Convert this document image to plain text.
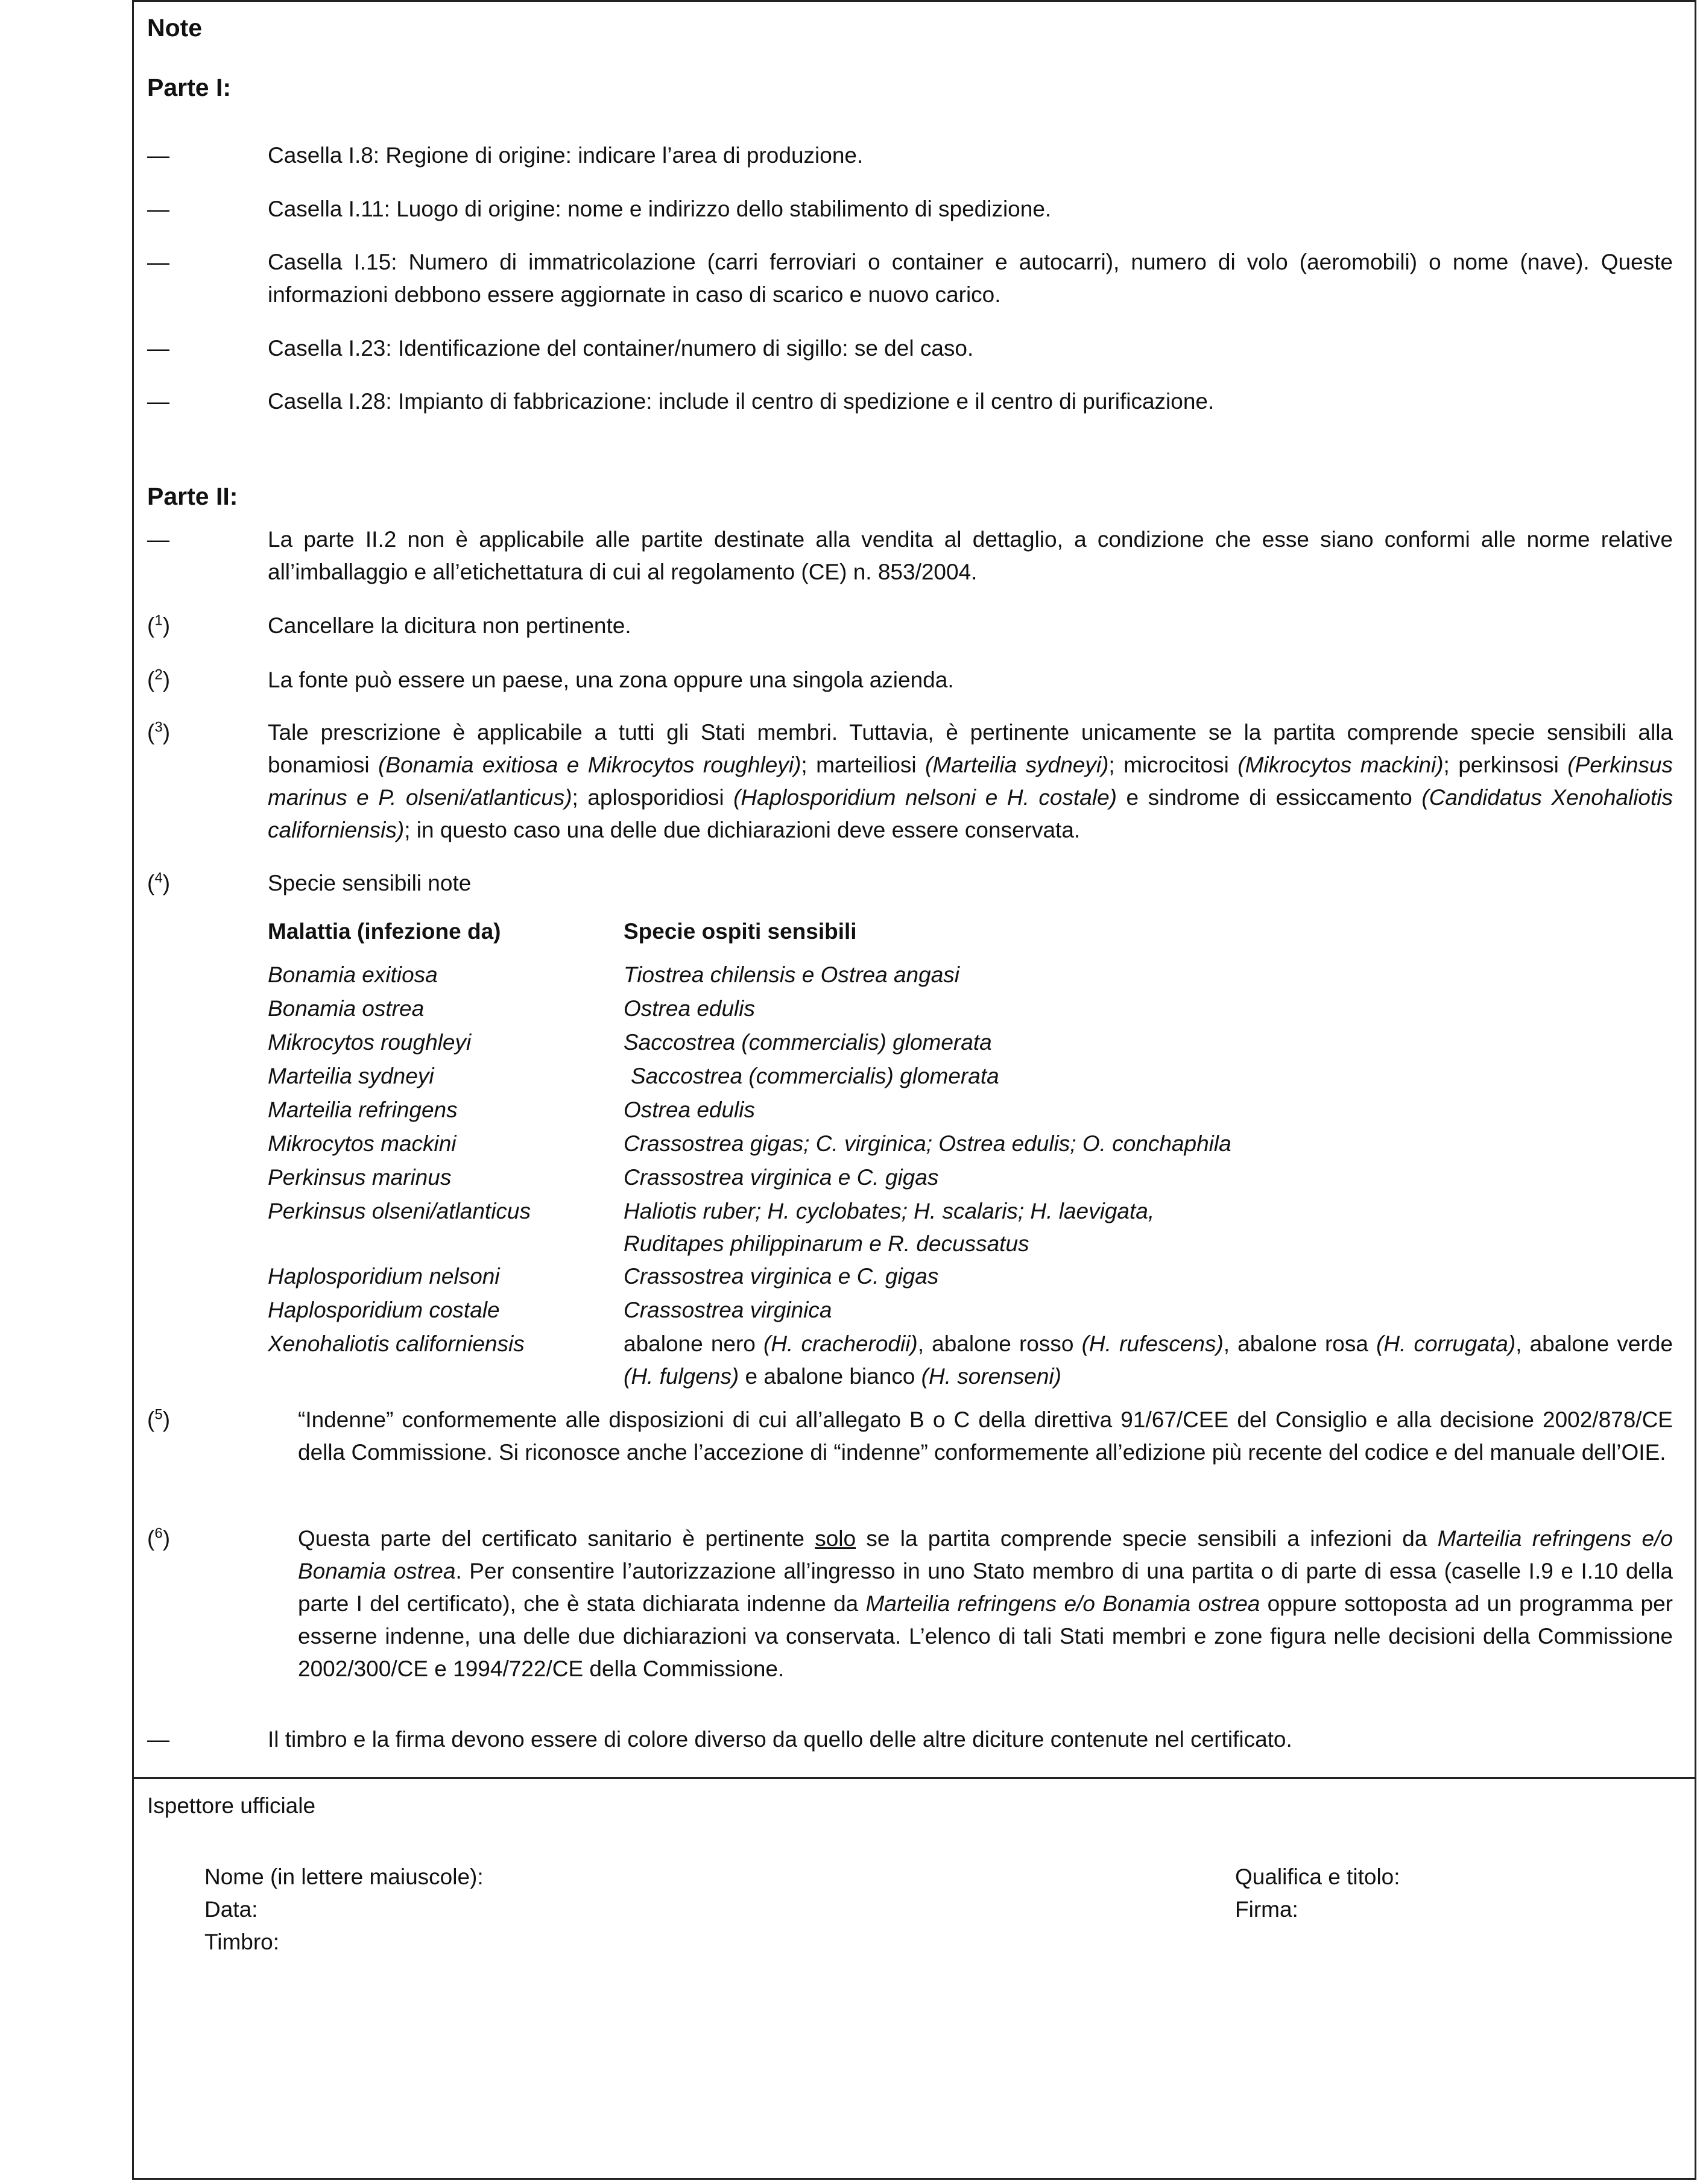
Note
Parte I:
—	Casella I.8: Regione di origine: indicare l’area di produzione.
—	Casella I.11: Luogo di origine: nome e indirizzo dello stabilimento di spedizione.
—	Casella I.15: Numero di immatricolazione (carri ferroviari o container e autocarri), numero di volo (aeromobili) o nome (nave). Queste informazioni debbono essere aggiornate in caso di scarico e nuovo carico.
—	Casella I.23: Identificazione del container/numero di sigillo: se del caso.
—	Casella I.28: Impianto di fabbricazione: include il centro di spedizione e il centro di purificazione.
Parte II:
—	La parte II.2 non è applicabile alle partite destinate alla vendita al dettaglio, a condizione che esse siano conformi alle norme relative all’imballaggio e all’etichettatura di cui al regolamento (CE) n. 853/2004.
($^1$)	Cancellare la dicitura non pertinente.
($^2$)	La fonte può essere un paese, una zona oppure una singola azienda.
($^3$)	Tale prescrizione è applicabile a tutti gli Stati membri. Tuttavia, è pertinente unicamente se la partita comprende specie sensibili alla bonamiosi (Bonamia exitiosa e Mikrocytos roughleyi); marteiliosi (Marteilia sydneyi); microcitosi (Mikrocytos mackini); perkinsosi (Perkinsus marinus e P. olseni/atlanticus); aplosporidiosi (Haplosporidium nelsoni e H. costale) e sindrome di essiccamento (Candidatus Xenohaliotis californiensis); in questo caso una delle due dichiarazioni deve essere conservata.
($^4$)	Specie sensibili note
Malattia (infezione da)	Specie ospiti sensibili
Bonamia exitiosa	Tiostrea chilensis e Ostrea angasi
Bonamia ostrea	Ostrea edulis
Mikrocytos roughleyi	Saccostrea (commercialis) glomerata
Marteilia sydneyi	Saccostrea (commercialis) glomerata
Marteilia refringens	Ostrea edulis
Mikrocytos mackini	Crassostrea gigas; C. virginica; Ostrea edulis; O. conchaphila
Perkinsus marinus	Crassostrea virginica e C. gigas
Perkinsus olseni/atlanticus	Haliotis ruber; H. cyclobates; H. scalaris; H. laevigata,
Ruditapes philippinarum e R. decussatus
Haplosporidium nelsoni	Crassostrea virginica e C. gigas
Haplosporidium costale	Crassostrea virginica
Xenohaliotis californiensis	abalone nero (H. cracherodii), abalone rosso (H. rufescens), abalone rosa (H. corrugata), abalone verde (H. fulgens) e abalone bianco (H. sorenseni)
($^5$)	“Indenne” conformemente alle disposizioni di cui all’allegato B o C della direttiva 91/67/CEE del Consiglio e alla decisione 2002/878/CE della Commissione. Si riconosce anche l’accezione di “indenne” conformemente all’edizione più recente del codice e del manuale dell’OIE.
($^6$)	Questa parte del certificato sanitario è pertinente solo se la partita comprende specie sensibili a infezioni da Marteilia refringens e/o Bonamia ostrea. Per consentire l’autorizzazione all’ingresso in uno Stato membro di una partita o di parte di essa (caselle I.9 e I.10 della parte I del certificato), che è stata dichiarata indenne da Marteilia refringens e/o Bonamia ostrea oppure sottoposta ad un programma per esserne indenne, una delle due dichiarazioni va conservata. L’elenco di tali Stati membri e zone figura nelle decisioni della Commissione 2002/300/CE e 1994/722/CE della Commissione.
—	Il timbro e la firma devono essere di colore diverso da quello delle altre diciture contenute nel certificato.
Ispettore ufficiale
Nome (in lettere maiuscole):
Data:
Timbro:
Qualifica e titolo:
Firma:
